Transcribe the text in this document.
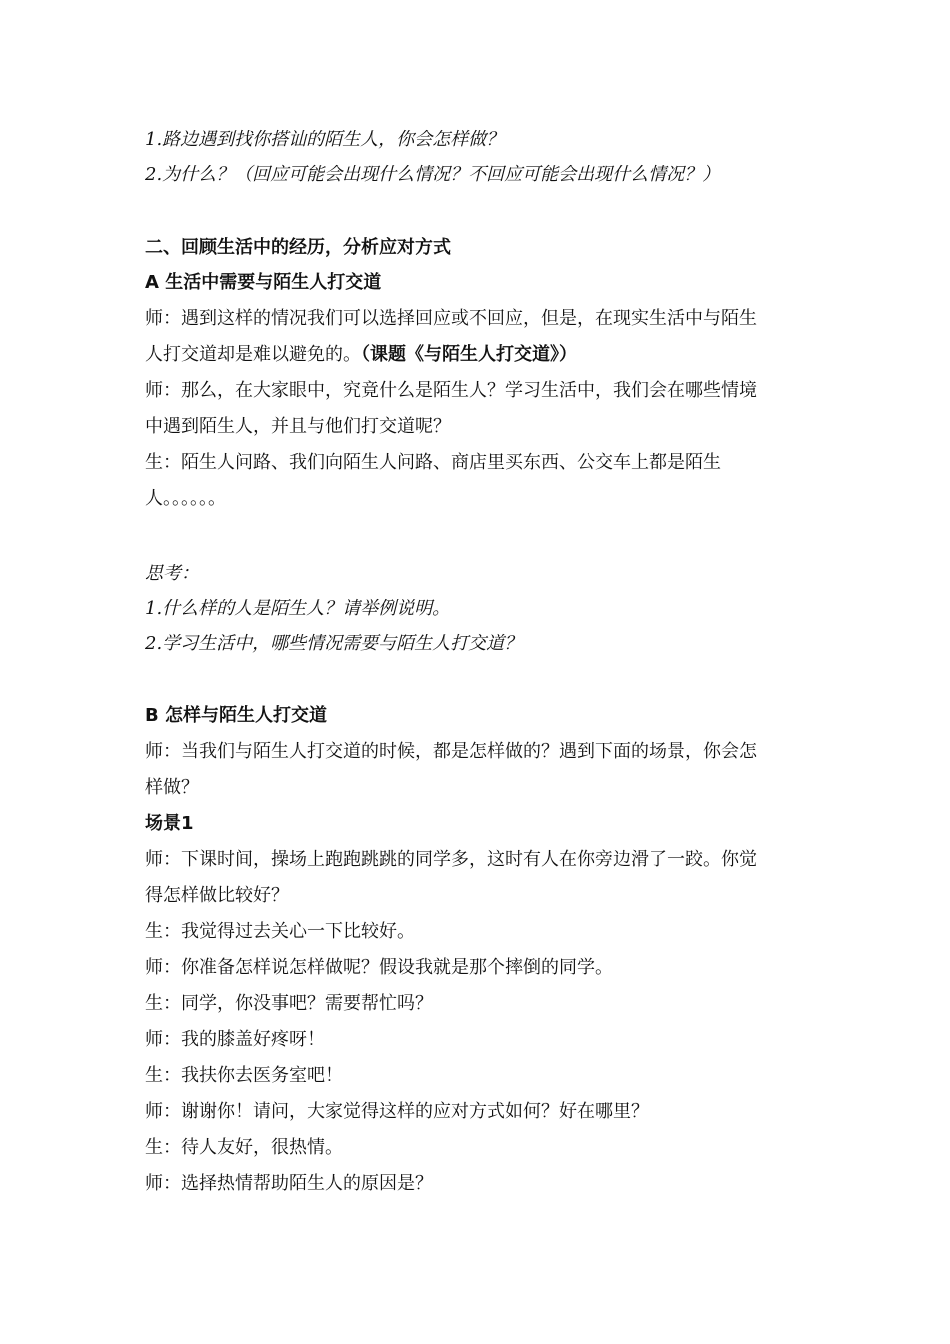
1.路边遇到找你搭讪的陌生人，你会怎样做？
2.为什么？（回应可能会出现什么情况？不回应可能会出现什么情况？）
二、回顾生活中的经历，分析应对方式
A 生活中需要与陌生人打交道
师：遇到这样的情况我们可以选择回应或不回应，但是，在现实生活中与陌生
人打交道却是难以避免的。（课题《与陌生人打交道》）
师：那么，在大家眼中，究竟什么是陌生人？学习生活中，我们会在哪些情境
中遇到陌生人，并且与他们打交道呢？
生：陌生人问路、我们向陌生人问路、商店里买东西、公交车上都是陌生
人。。。。。。
思考：
1.什么样的人是陌生人？请举例说明。
2.学习生活中，哪些情况需要与陌生人打交道？
B 怎样与陌生人打交道
师：当我们与陌生人打交道的时候，都是怎样做的？遇到下面的场景，你会怎
样做？
场景1
师：下课时间，操场上跑跑跳跳的同学多，这时有人在你旁边滑了一跤。你觉
得怎样做比较好？
生：我觉得过去关心一下比较好。
师：你准备怎样说怎样做呢？假设我就是那个摔倒的同学。
生：同学，你没事吧？需要帮忙吗？
师：我的膝盖好疼呀！
生：我扶你去医务室吧！
师：谢谢你！请问，大家觉得这样的应对方式如何？好在哪里？
生：待人友好，很热情。
师：选择热情帮助陌生人的原因是？
